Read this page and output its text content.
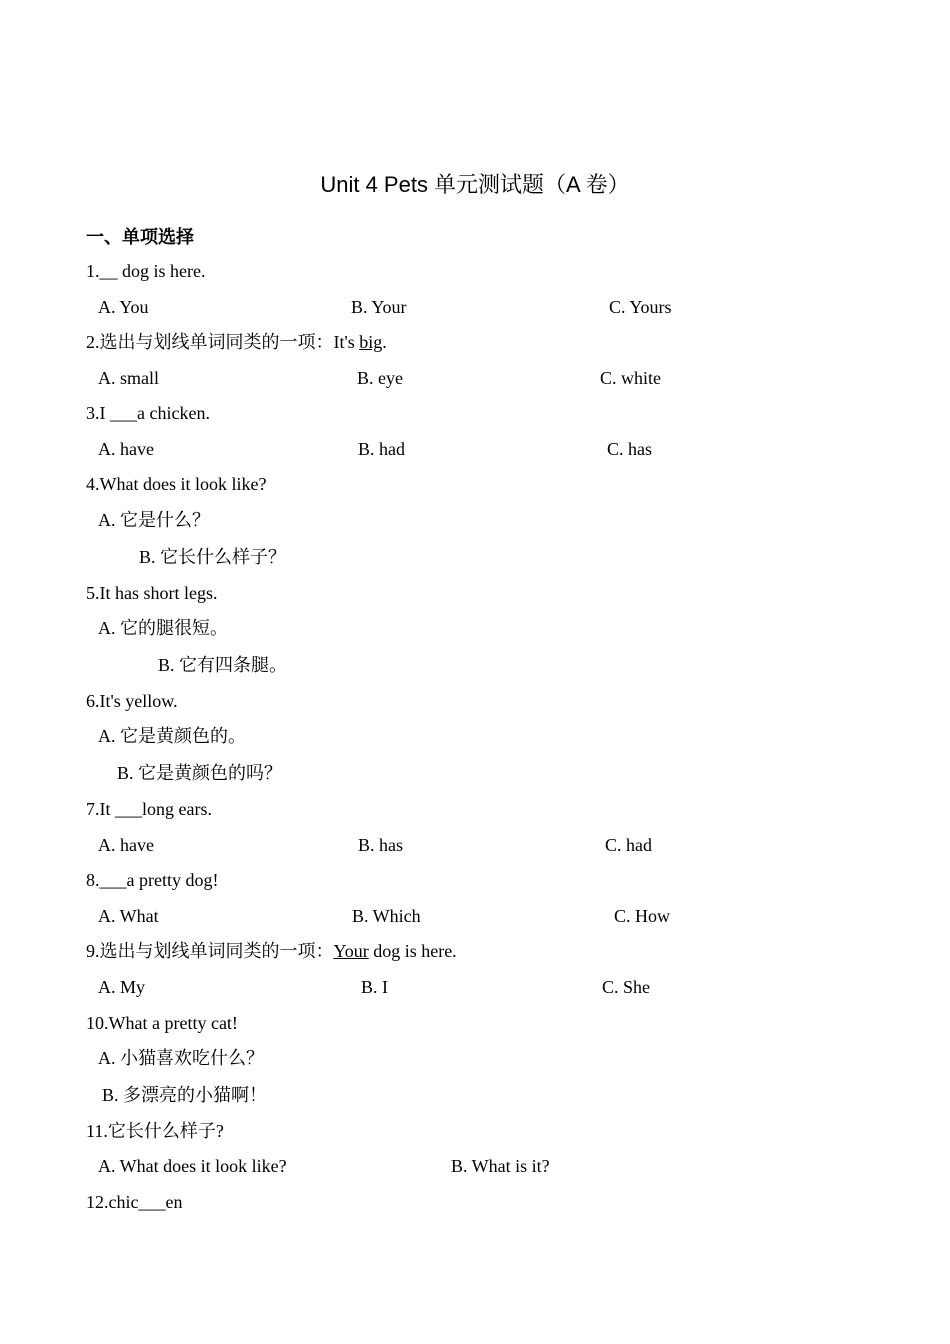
Unit 4 Pets 单元测试题（A 卷）
一、单项选择
1.__ dog is here.
A. You	B. Your	C. Yours
2.选出与划线单词同类的一项：It's big.
A. small	B. eye	C. white
3.I ___a chicken.
A. have	B. had	C. has
4.What does it look like?
A. 它是什么？
B. 它长什么样子？
5.It has short legs.
A. 它的腿很短。
B. 它有四条腿。
6.It's yellow.
A. 它是黄颜色的。
B. 它是黄颜色的吗？
7.It ___long ears.
A. have	B. has	C. had
8.___a pretty dog!
A. What	B. Which	C. How
9.选出与划线单词同类的一项：Your dog is here.
A. My	B. I	C. She
10.What a pretty cat!
A. 小猫喜欢吃什么？
B. 多漂亮的小猫啊！
11.它长什么样子?
A. What does it look like?	B. What is it?
12.chic___en
